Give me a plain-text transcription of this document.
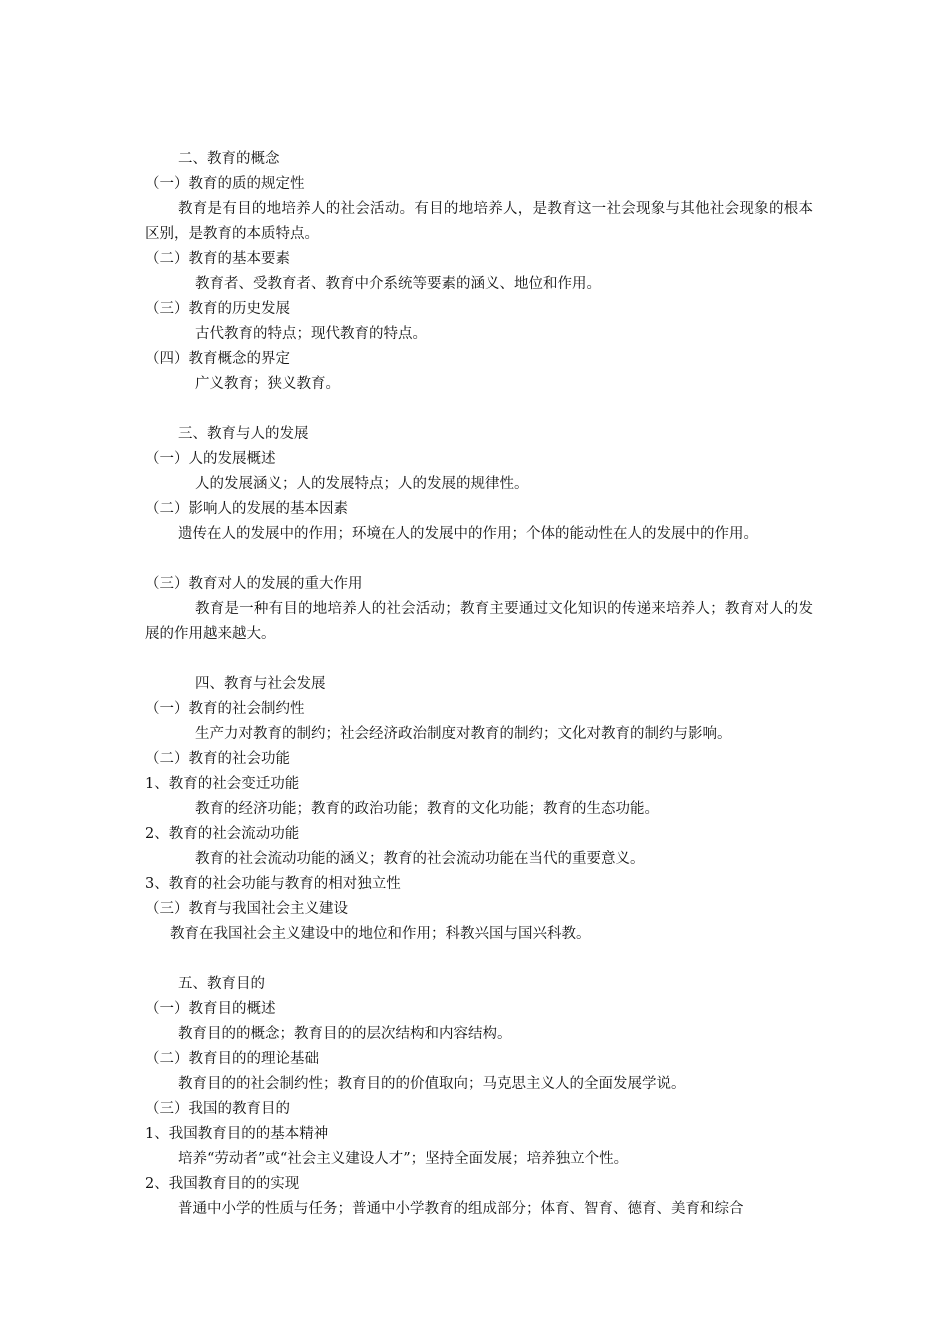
二、教育的概念
（一）教育的质的规定性
教育是有目的地培养人的社会活动。有目的地培养人，是教育这一社会现象与其他社会现象的根本区别，是教育的本质特点。
（二）教育的基本要素
教育者、受教育者、教育中介系统等要素的涵义、地位和作用。
（三）教育的历史发展
古代教育的特点；现代教育的特点。
（四）教育概念的界定
广义教育；狭义教育。
三、教育与人的发展
（一）人的发展概述
人的发展涵义；人的发展特点；人的发展的规律性。
（二）影响人的发展的基本因素
遗传在人的发展中的作用；环境在人的发展中的作用；个体的能动性在人的发展中的作用。
（三）教育对人的发展的重大作用
教育是一种有目的地培养人的社会活动；教育主要通过文化知识的传递来培养人；教育对人的发展的作用越来越大。
四、教育与社会发展
（一）教育的社会制约性
生产力对教育的制约；社会经济政治制度对教育的制约；文化对教育的制约与影响。
（二）教育的社会功能
1、教育的社会变迁功能
教育的经济功能；教育的政治功能；教育的文化功能；教育的生态功能。
2、教育的社会流动功能
教育的社会流动功能的涵义；教育的社会流动功能在当代的重要意义。
3、教育的社会功能与教育的相对独立性
（三）教育与我国社会主义建设
教育在我国社会主义建设中的地位和作用；科教兴国与国兴科教。
五、教育目的
（一）教育目的概述
教育目的的概念；教育目的的层次结构和内容结构。
（二）教育目的的理论基础
教育目的的社会制约性；教育目的的价值取向；马克思主义人的全面发展学说。
（三）我国的教育目的
1、我国教育目的的基本精神
培养“劳动者”或“社会主义建设人才”；坚持全面发展；培养独立个性。
2、我国教育目的的实现
普通中小学的性质与任务；普通中小学教育的组成部分；体育、智育、德育、美育和综合
